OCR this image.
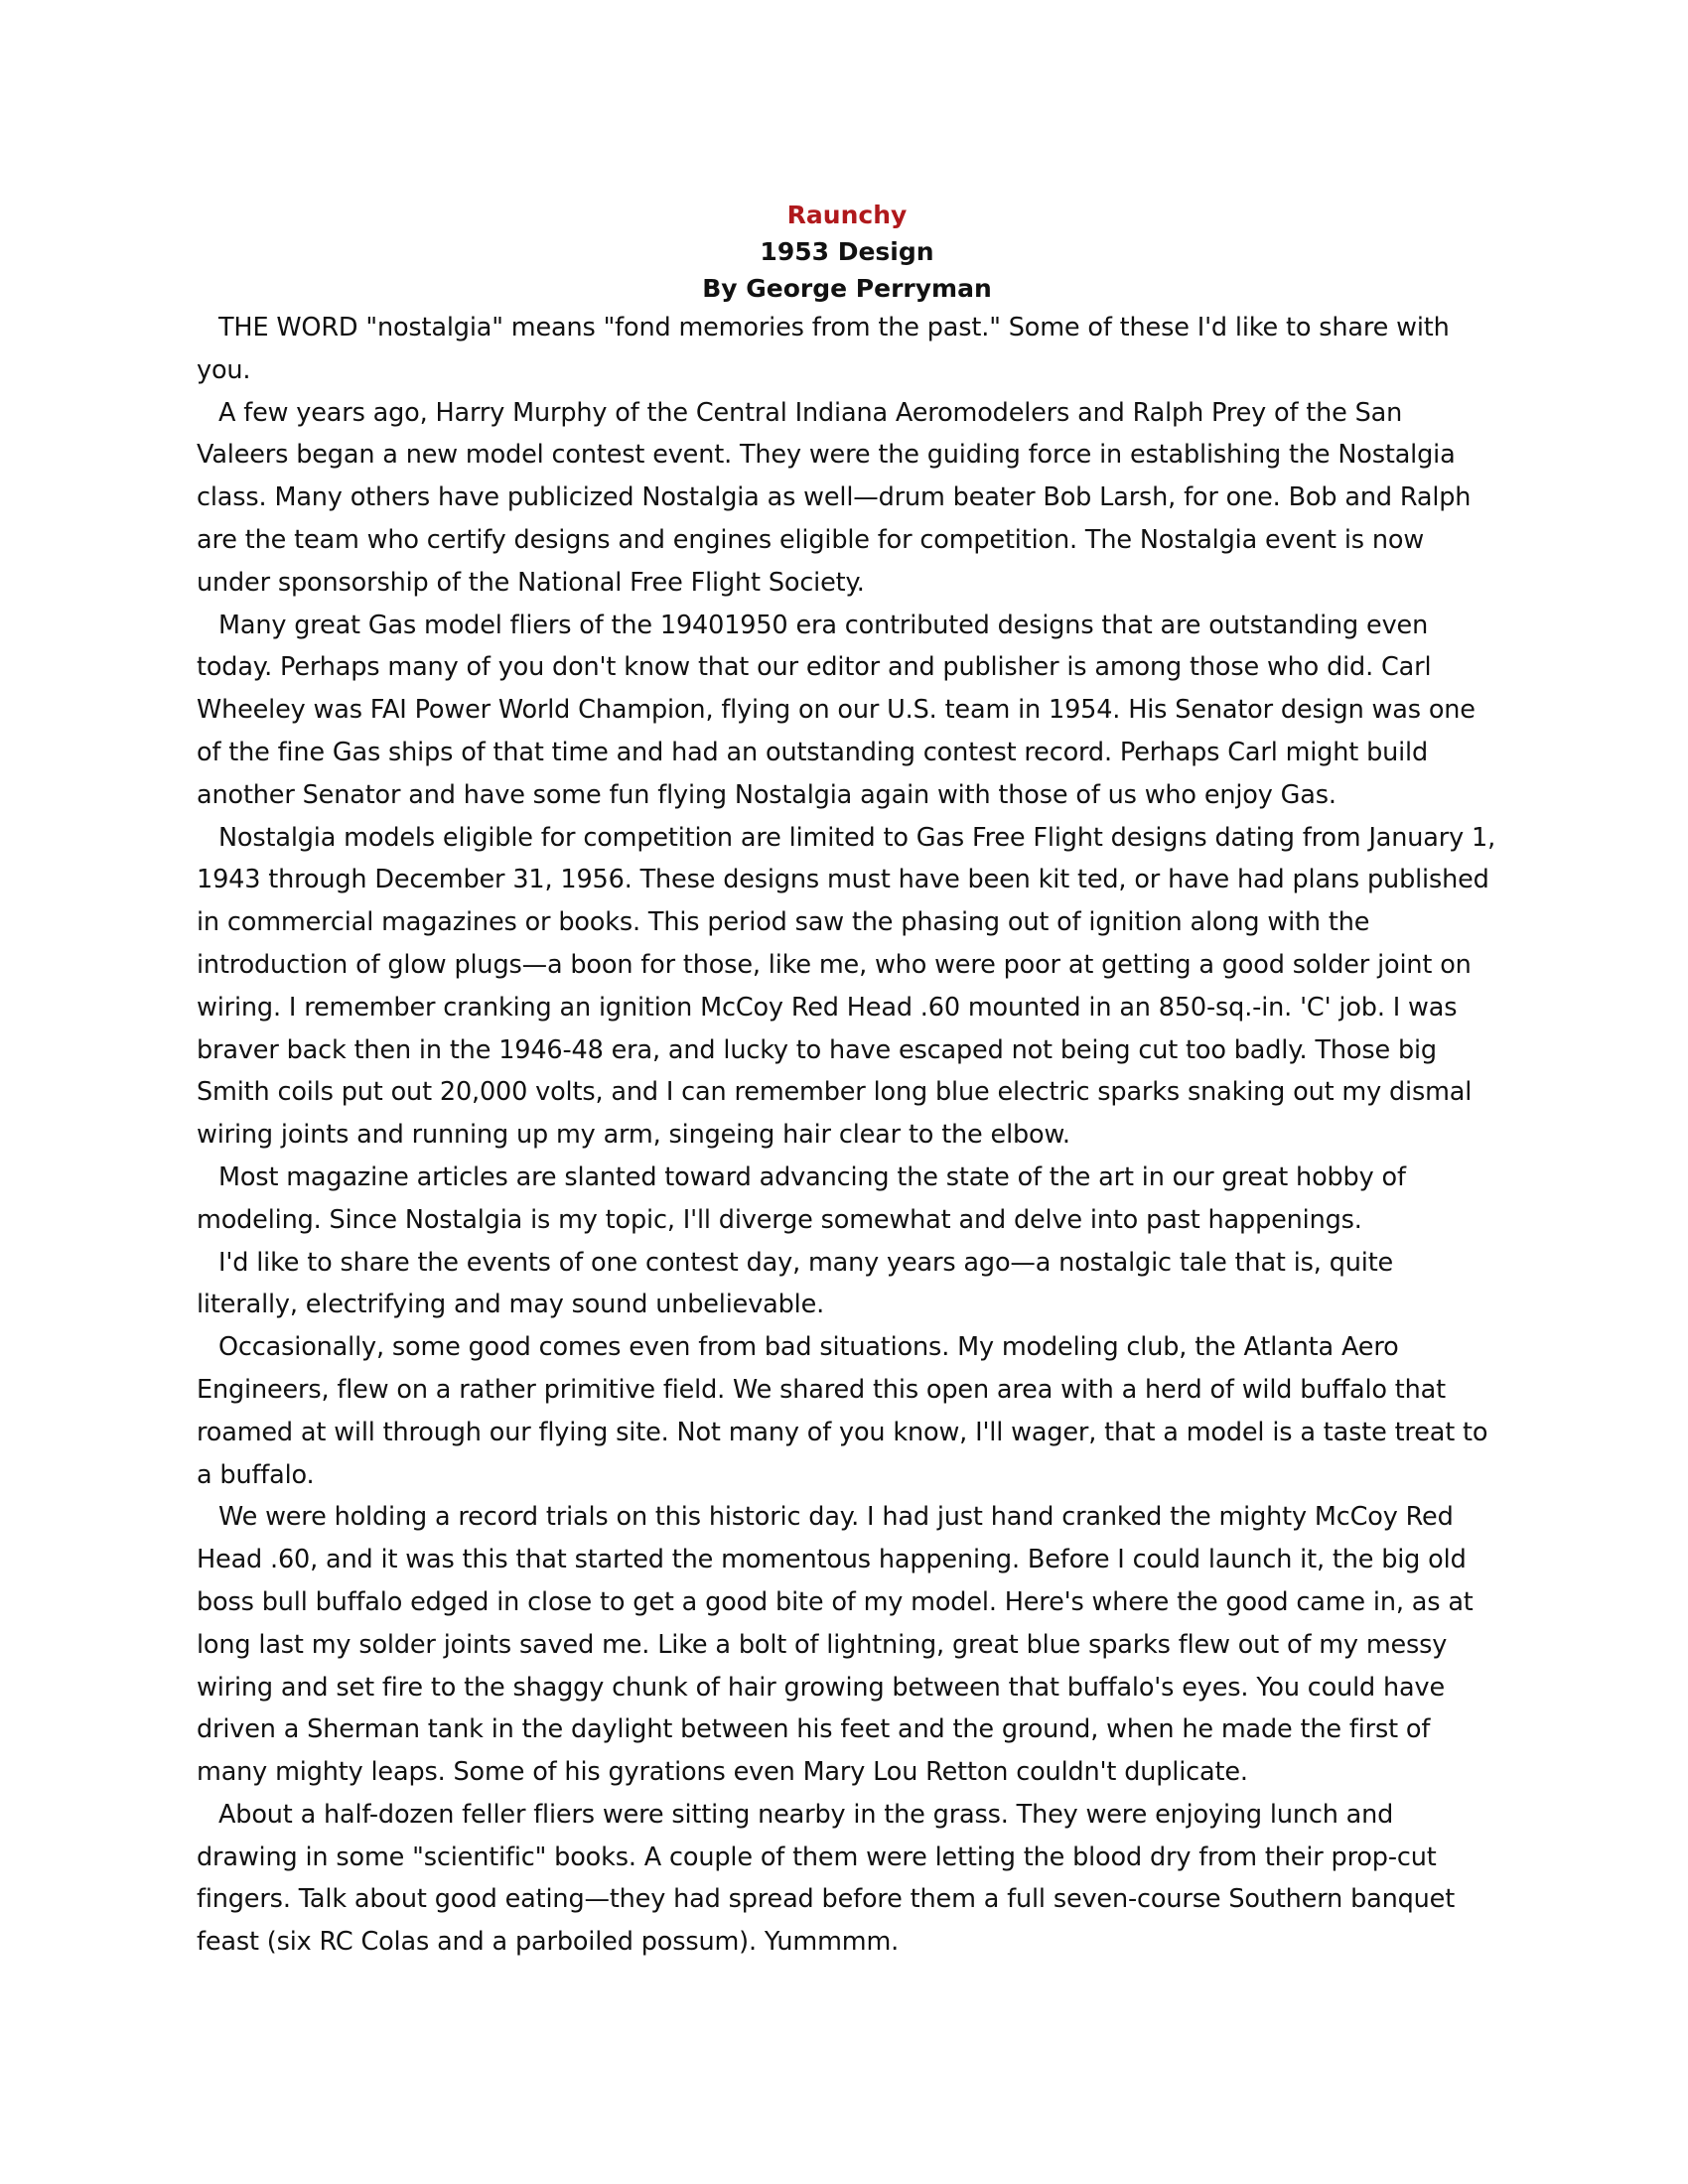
Raunchy
1953 Design
By George Perryman

THE WORD "nostalgia" means "fond memories from the past." Some of these I'd like to share with you.

A few years ago, Harry Murphy of the Central Indiana Aeromodelers and Ralph Prey of the San Valeers began a new model contest event. They were the guiding force in establishing the Nostalgia class. Many others have publicized Nostalgia as well—drum beater Bob Larsh, for one. Bob and Ralph are the team who certify designs and engines eligible for competition. The Nostalgia event is now under sponsorship of the National Free Flight Society.

Many great Gas model fliers of the 19401950 era contributed designs that are outstanding even today. Perhaps many of you don't know that our editor and publisher is among those who did. Carl Wheeley was FAI Power World Champion, flying on our U.S. team in 1954. His Senator design was one of the fine Gas ships of that time and had an outstanding contest record. Perhaps Carl might build another Senator and have some fun flying Nostalgia again with those of us who enjoy Gas.

Nostalgia models eligible for competition are limited to Gas Free Flight designs dating from January 1, 1943 through December 31, 1956. These designs must have been kit ted, or have had plans published in commercial magazines or books. This period saw the phasing out of ignition along with the introduction of glow plugs—a boon for those, like me, who were poor at getting a good solder joint on wiring. I remember cranking an ignition McCoy Red Head .60 mounted in an 850-sq.-in. 'C' job. I was braver back then in the 1946-48 era, and lucky to have escaped not being cut too badly. Those big Smith coils put out 20,000 volts, and I can remember long blue electric sparks snaking out my dismal wiring joints and running up my arm, singeing hair clear to the elbow.

Most magazine articles are slanted toward advancing the state of the art in our great hobby of modeling. Since Nostalgia is my topic, I'll diverge somewhat and delve into past happenings.

I'd like to share the events of one contest day, many years ago—a nostalgic tale that is, quite literally, electrifying and may sound unbelievable.

Occasionally, some good comes even from bad situations. My modeling club, the Atlanta Aero Engineers, flew on a rather primitive field. We shared this open area with a herd of wild buffalo that roamed at will through our flying site. Not many of you know, I'll wager, that a model is a taste treat to a buffalo.

We were holding a record trials on this historic day. I had just hand cranked the mighty McCoy Red Head .60, and it was this that started the momentous happening. Before I could launch it, the big old boss bull buffalo edged in close to get a good bite of my model. Here's where the good came in, as at long last my solder joints saved me. Like a bolt of lightning, great blue sparks flew out of my messy wiring and set fire to the shaggy chunk of hair growing between that buffalo's eyes. You could have driven a Sherman tank in the daylight between his feet and the ground, when he made the first of many mighty leaps. Some of his gyrations even Mary Lou Retton couldn't duplicate.

About a half-dozen feller fliers were sitting nearby in the grass. They were enjoying lunch and drawing in some "scientific" books. A couple of them were letting the blood dry from their prop-cut fingers. Talk about good eating—they had spread before them a full seven-course Southern banquet feast (six RC Colas and a parboiled possum). Yummmm.
